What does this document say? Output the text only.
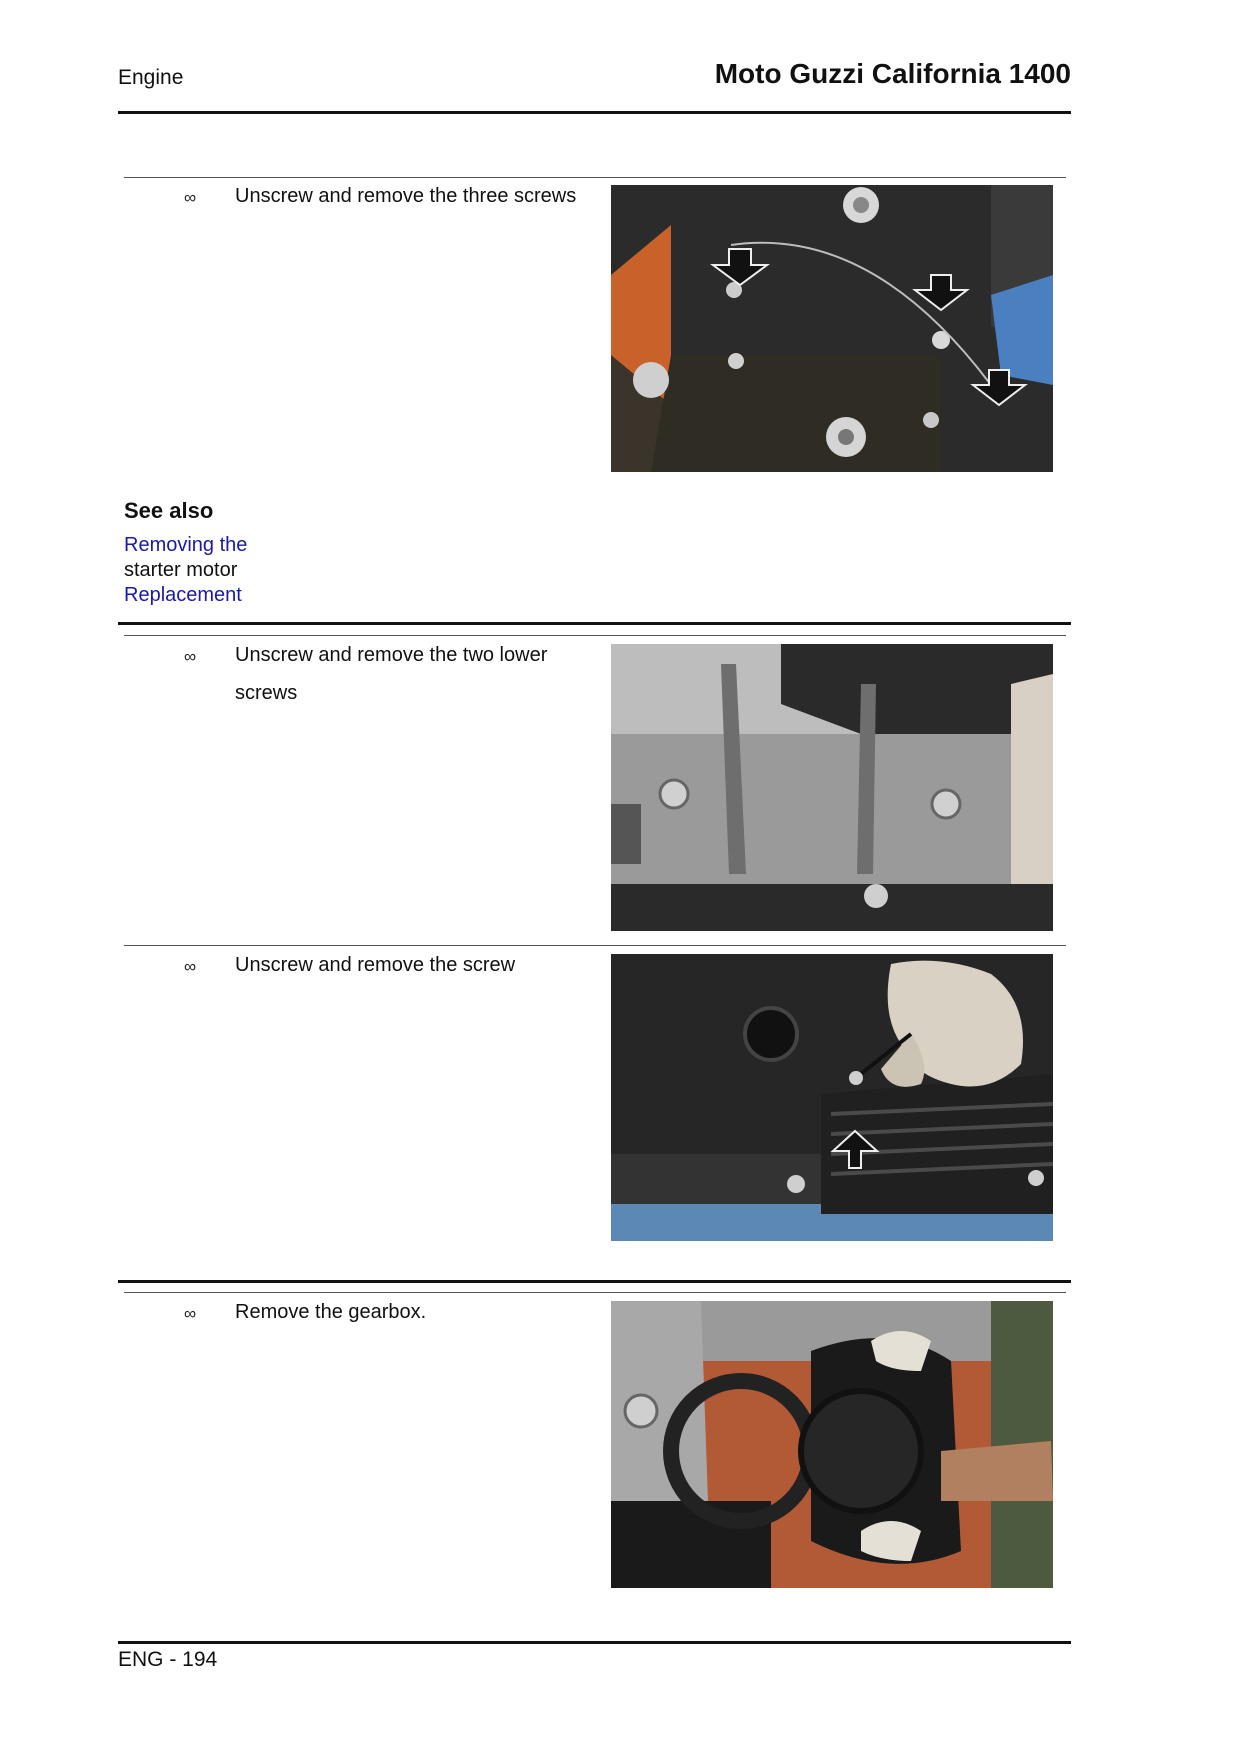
Engine	Moto Guzzi California 1400
∞ Unscrew and remove the three screws
See also
Removing the
starter motor
Replacement
∞ Unscrew and remove the two lower screws
∞ Unscrew and remove the screw
∞ Remove the gearbox.
ENG - 194
